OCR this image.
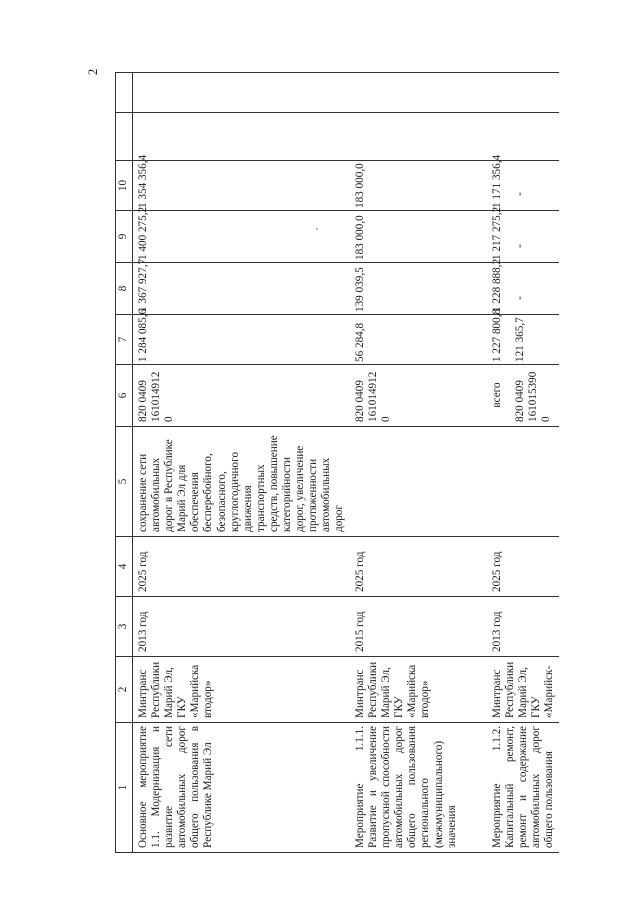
2
1	2	3	4	5	6	7	8	9	10		
Основное мероприятие 1.1. Модернизация и развитие сети автомобильных дорог общего пользования в Республике Марий Эл	Минтранс Республики Марий Эл, ГКУ «Марийскавтодор»	2013 год	2025 год	сохранение сети автомобильных дорог в Республике Марий Эл для обеспечения бесперебойного, безопасного, круглогодичного движения транспортных средств, повышение категорийности дорог, увеличение протяженности автомобильных дорог	820 0409 1610149120	1 284 085,6	1 367 927,7	1 400 275,2	1 354 356,4		
Мероприятие 1.1.1. Развитие и увеличение пропускной способности автомобильных дорог общего пользования регионального (межмуниципального) значения	Минтранс Республики Марий Эл, ГКУ «Марийскавтодор»	2015 год	2025 год		820 0409 1610149120	56 284,8	139 039,5	183 000,0	183 000,0		
Мероприятие 1.1.2. Капитальный ремонт, ремонт и содержание автомобильных дорог общего пользования	Минтранс Республики Марий Эл, ГКУ «Марийск-	2013 год	2025 год		всего 820 0409 1610153900	1 227 800,8 121 365,7	1 228 888,2 -	1 217 275,2 -	1 171 356,4 -		
